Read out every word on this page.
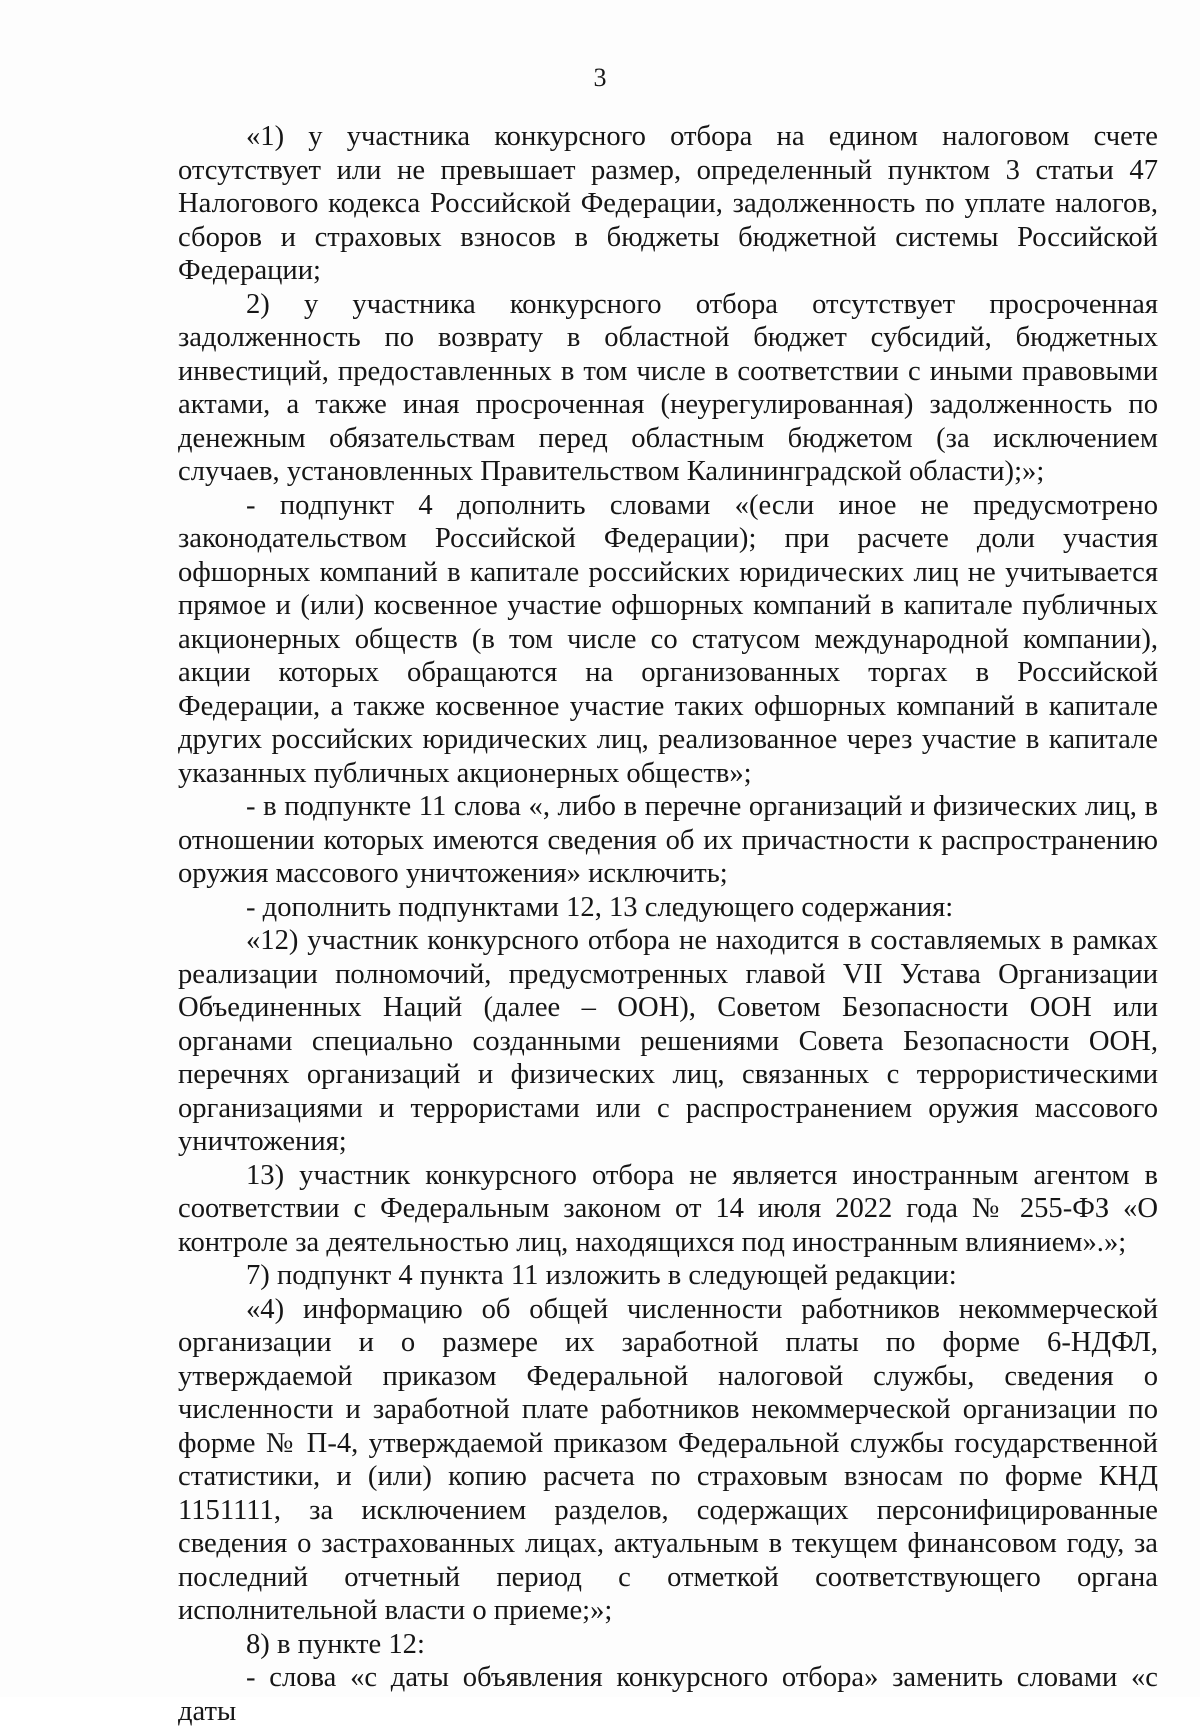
3

«1) у участника конкурсного отбора на едином налоговом счете отсутствует или не превышает размер, определенный пунктом 3 статьи 47 Налогового кодекса Российской Федерации, задолженность по уплате налогов, сборов и страховых взносов в бюджеты бюджетной системы Российской Федерации;

2) у участника конкурсного отбора отсутствует просроченная задолженность по возврату в областной бюджет субсидий, бюджетных инвестиций, предоставленных в том числе в соответствии с иными правовыми актами, а также иная просроченная (неурегулированная) задолженность по денежным обязательствам перед областным бюджетом (за исключением случаев, установленных Правительством Калининградской области);»;

- подпункт 4 дополнить словами «(если иное не предусмотрено законодательством Российской Федерации); при расчете доли участия офшорных компаний в капитале российских юридических лиц не учитывается прямое и (или) косвенное участие офшорных компаний в капитале публичных акционерных обществ (в том числе со статусом международной компании), акции которых обращаются на организованных торгах в Российской Федерации, а также косвенное участие таких офшорных компаний в капитале других российских юридических лиц, реализованное через участие в капитале указанных публичных акционерных обществ»;

- в подпункте 11 слова «, либо в перечне организаций и физических лиц, в отношении которых имеются сведения об их причастности к распространению оружия массового уничтожения» исключить;

- дополнить подпунктами 12, 13 следующего содержания:

«12) участник конкурсного отбора не находится в составляемых в рамках реализации полномочий, предусмотренных главой VII Устава Организации Объединенных Наций (далее – ООН), Советом Безопасности ООН или органами специально созданными решениями Совета Безопасности ООН, перечнях организаций и физических лиц, связанных с террористическими организациями и террористами или с распространением оружия массового уничтожения;

13) участник конкурсного отбора не является иностранным агентом в соответствии с Федеральным законом от 14 июля 2022 года № 255-ФЗ «О контроле за деятельностью лиц, находящихся под иностранным влиянием».»;

7) подпункт 4 пункта 11 изложить в следующей редакции:

«4) информацию об общей численности работников некоммерческой организации и о размере их заработной платы по форме 6-НДФЛ, утверждаемой приказом Федеральной налоговой службы, сведения о численности и заработной плате работников некоммерческой организации по форме № П-4, утверждаемой приказом Федеральной службы государственной статистики, и (или) копию расчета по страховым взносам по форме КНД 1151111, за исключением разделов, содержащих персонифицированные сведения о застрахованных лицах, актуальным в текущем финансовом году, за последний отчетный период с отметкой соответствующего органа исполнительной власти о приеме;»;

8) в пункте 12:

- слова «с даты объявления конкурсного отбора» заменить словами «с даты
